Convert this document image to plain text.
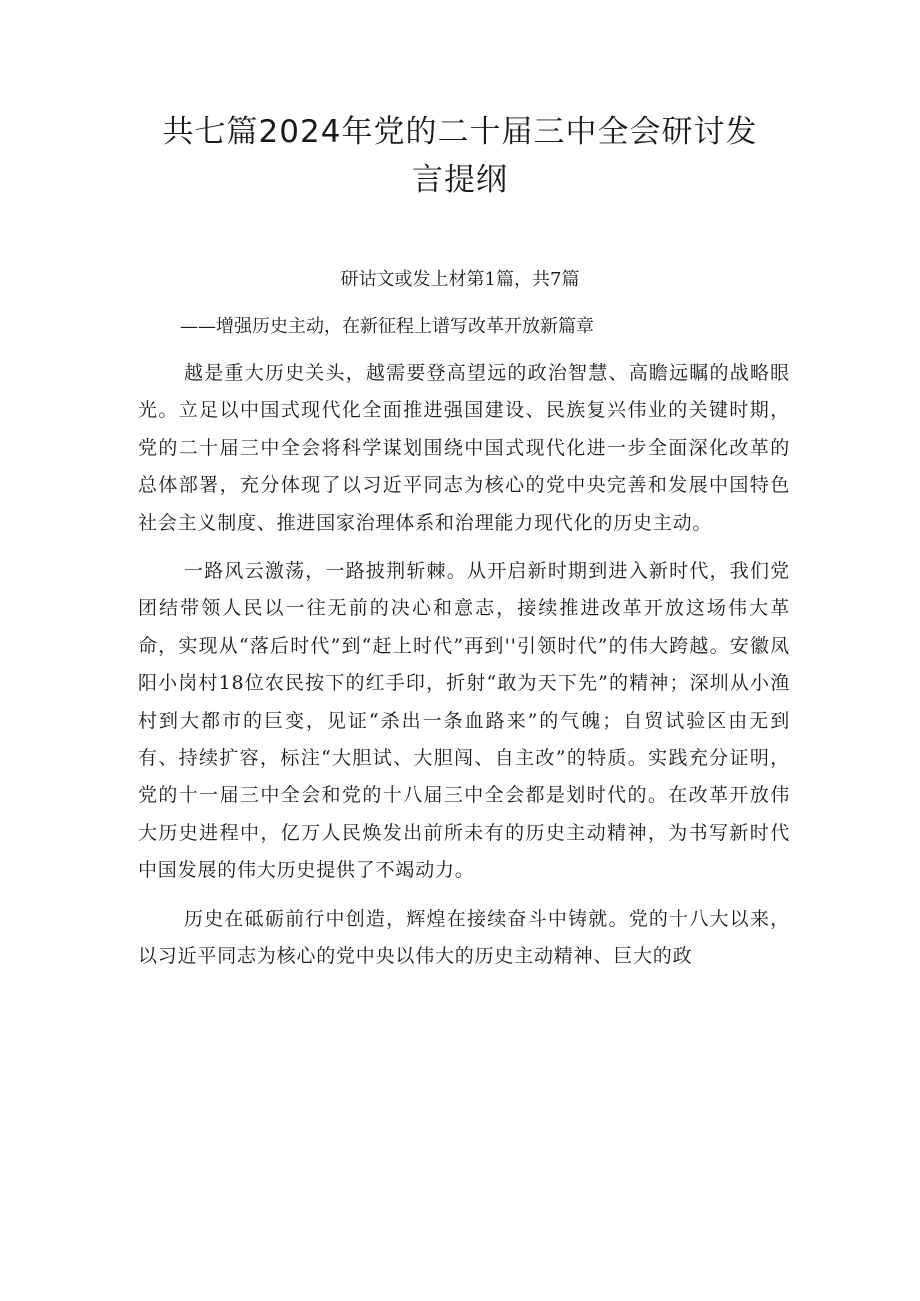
共七篇2024年党的二十届三中全会研讨发言提纲

研诂文或发上材第1篇，共7篇

——增强历史主动，在新征程上谱写改革开放新篇章

越是重大历史关头，越需要登高望远的政治智慧、高瞻远瞩的战略眼光。立足以中国式现代化全面推进强国建设、民族复兴伟业的关键时期，党的二十届三中全会将科学谋划围绕中国式现代化进一步全面深化改革的总体部署，充分体现了以习近平同志为核心的党中央完善和发展中国特色社会主义制度、推进国家治理体系和治理能力现代化的历史主动。

一路风云激荡，一路披荆斩棘。从开启新时期到进入新时代，我们党团结带领人民以一往无前的决心和意志，接续推进改革开放这场伟大革命，实现从“落后时代”到“赶上时代”再到''引领时代”的伟大跨越。安徽凤阳小岗村18位农民按下的红手印，折射“敢为天下先”的精神；深圳从小渔村到大都市的巨变，见证“杀出一条血路来”的气魄；自贸试验区由无到有、持续扩容，标注“大胆试、大胆闯、自主改”的特质。实践充分证明，党的十一届三中全会和党的十八届三中全会都是划时代的。在改革开放伟大历史进程中，亿万人民焕发出前所未有的历史主动精神，为书写新时代中国发展的伟大历史提供了不竭动力。

历史在砥砺前行中创造，辉煌在接续奋斗中铸就。党的十八大以来，以习近平同志为核心的党中央以伟大的历史主动精神、巨大的政
